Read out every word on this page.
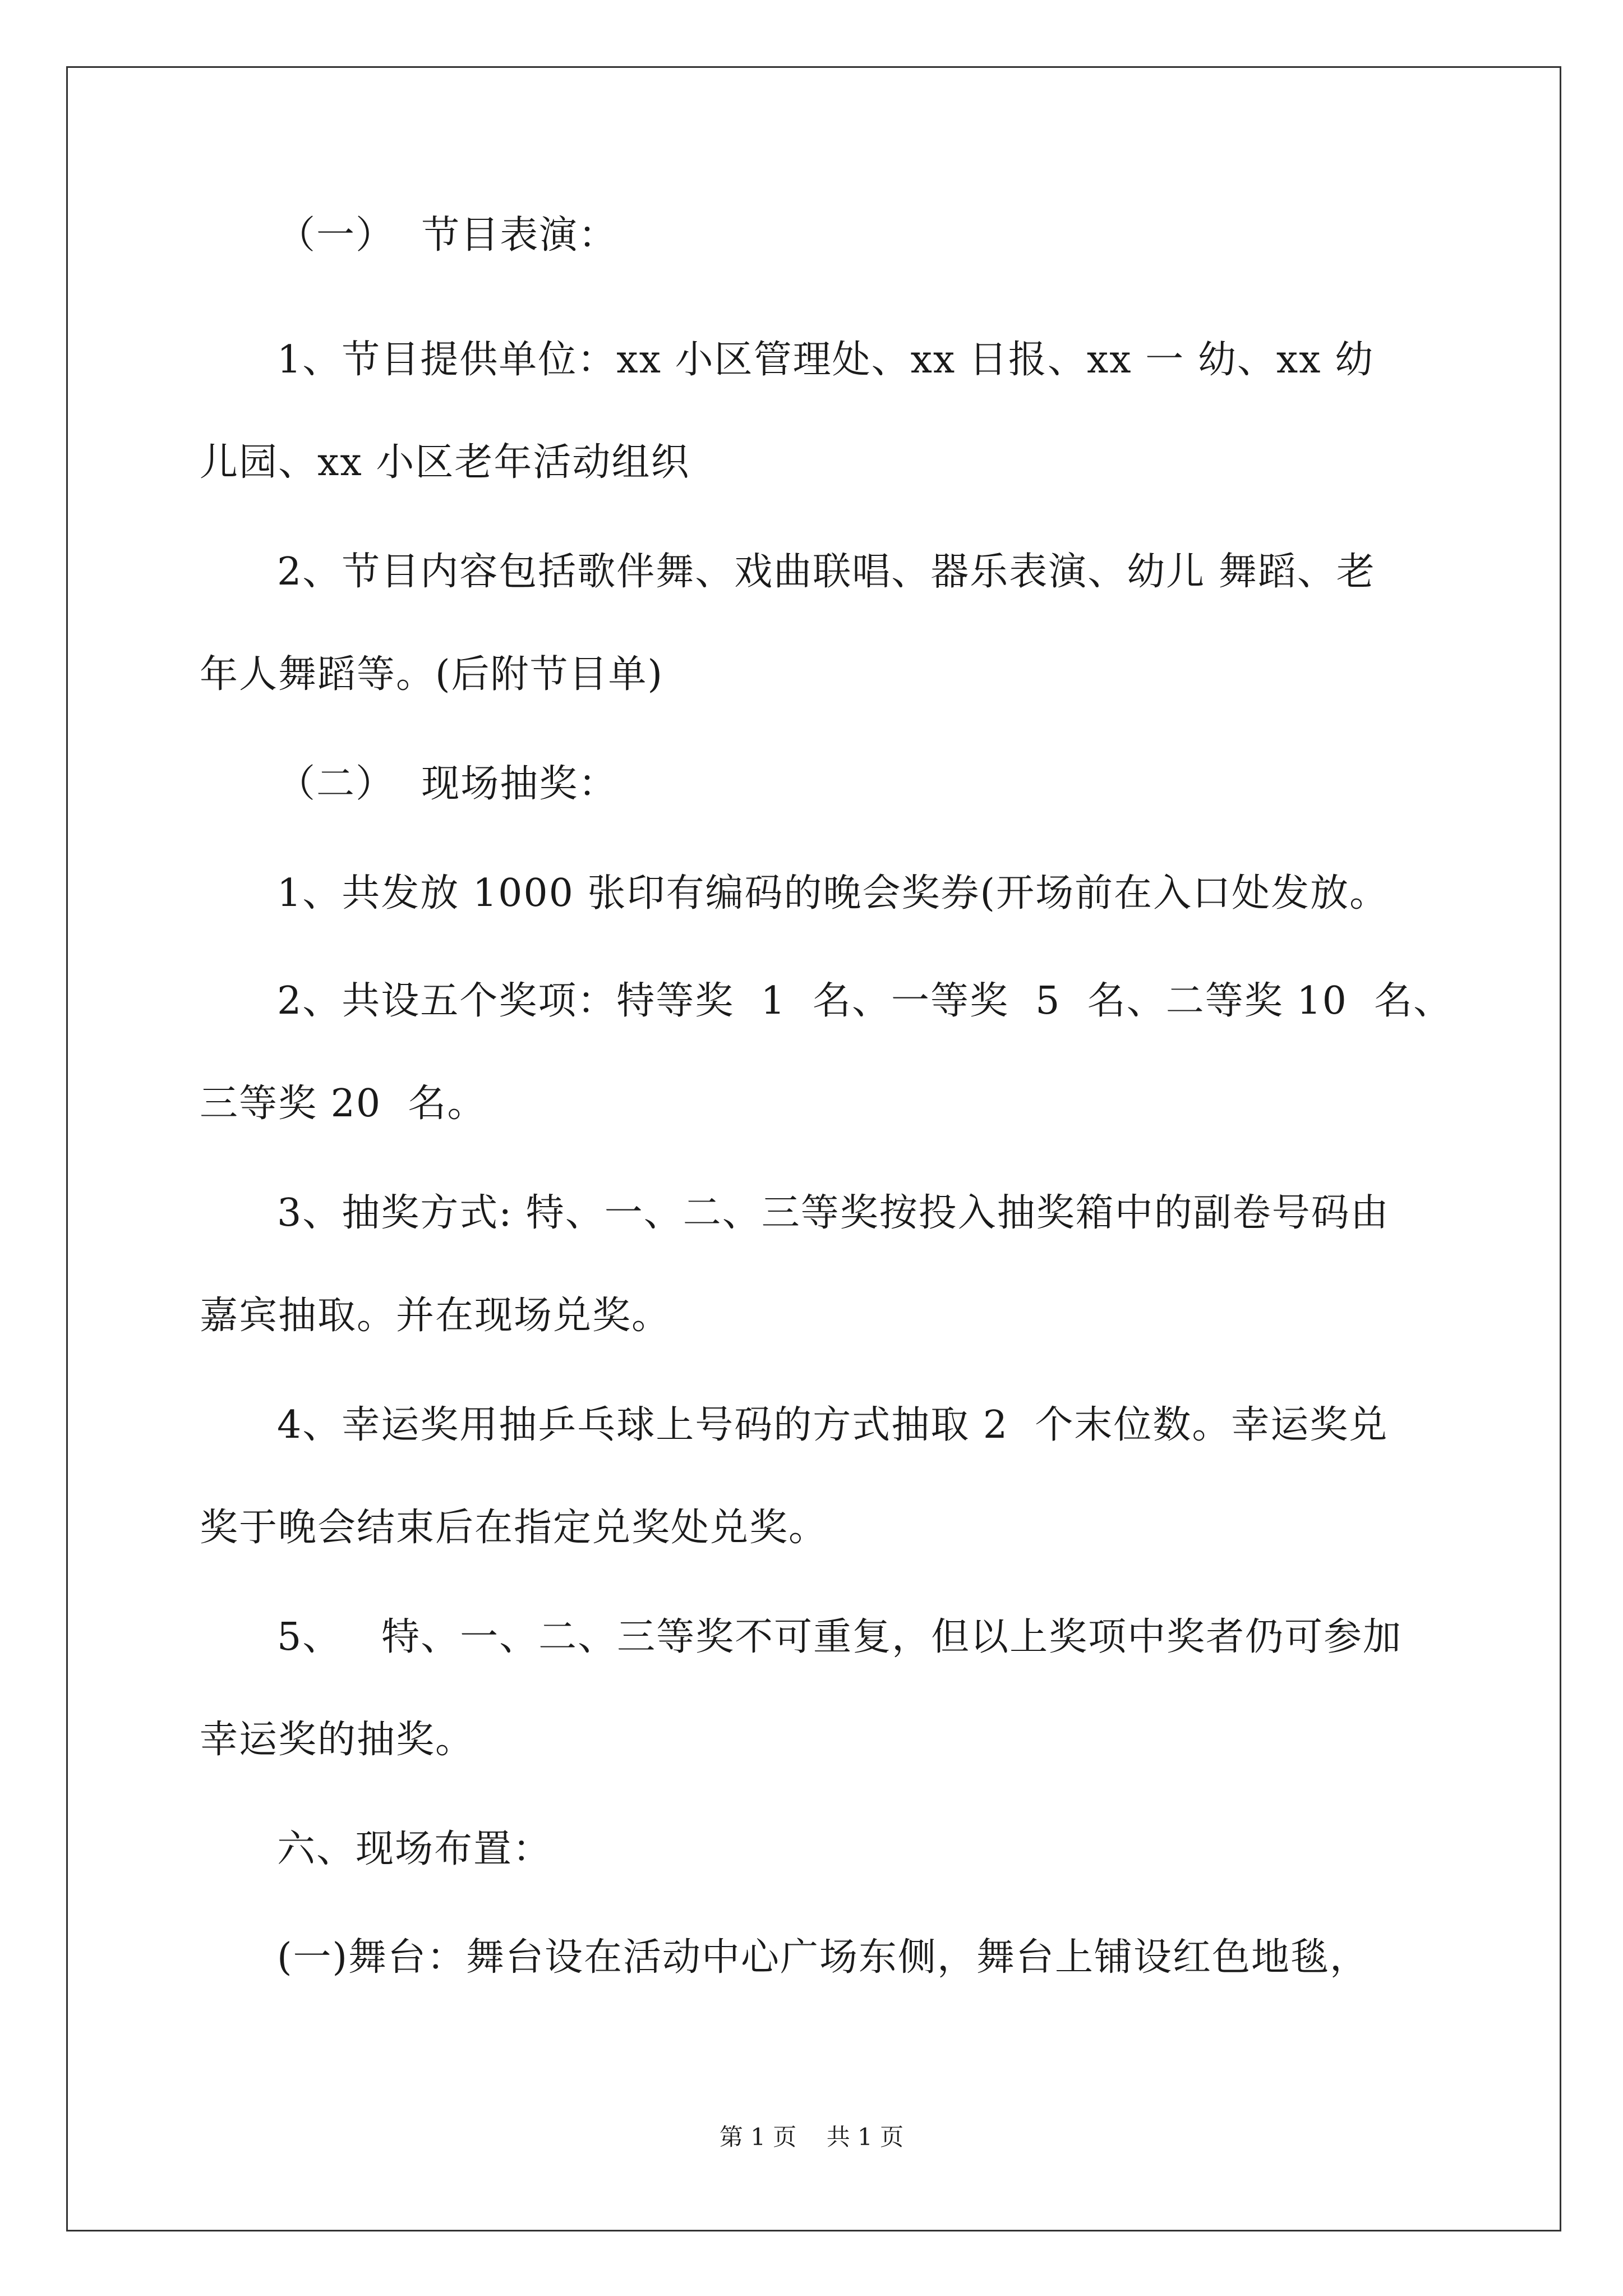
（一）  节目表演：
1、节目提供单位：xx 小区管理处、xx 日报、xx 一 幼、xx 幼
儿园、xx 小区老年活动组织
2、节目内容包括歌伴舞、戏曲联唱、器乐表演、幼儿 舞蹈、老
年人舞蹈等。(后附节目单)
（二）  现场抽奖：
1、共发放 1000 张印有编码的晚会奖券(开场前在入口处发放。
2、共设五个奖项：特等奖  1  名、一等奖  5  名、二等奖 10  名、
三等奖 20  名。
3、抽奖方式: 特、一、二、三等奖按投入抽奖箱中的副卷号码由
嘉宾抽取。并在现场兑奖。
4、幸运奖用抽乒乓球上号码的方式抽取 2  个末位数。幸运奖兑
奖于晚会结束后在指定兑奖处兑奖。
5、   特、一、二、三等奖不可重复，但以上奖项中奖者仍可参加
幸运奖的抽奖。
六、现场布置：
(一)舞台：舞台设在活动中心广场东侧，舞台上铺设红色地毯，
第 1 页    共 1 页
